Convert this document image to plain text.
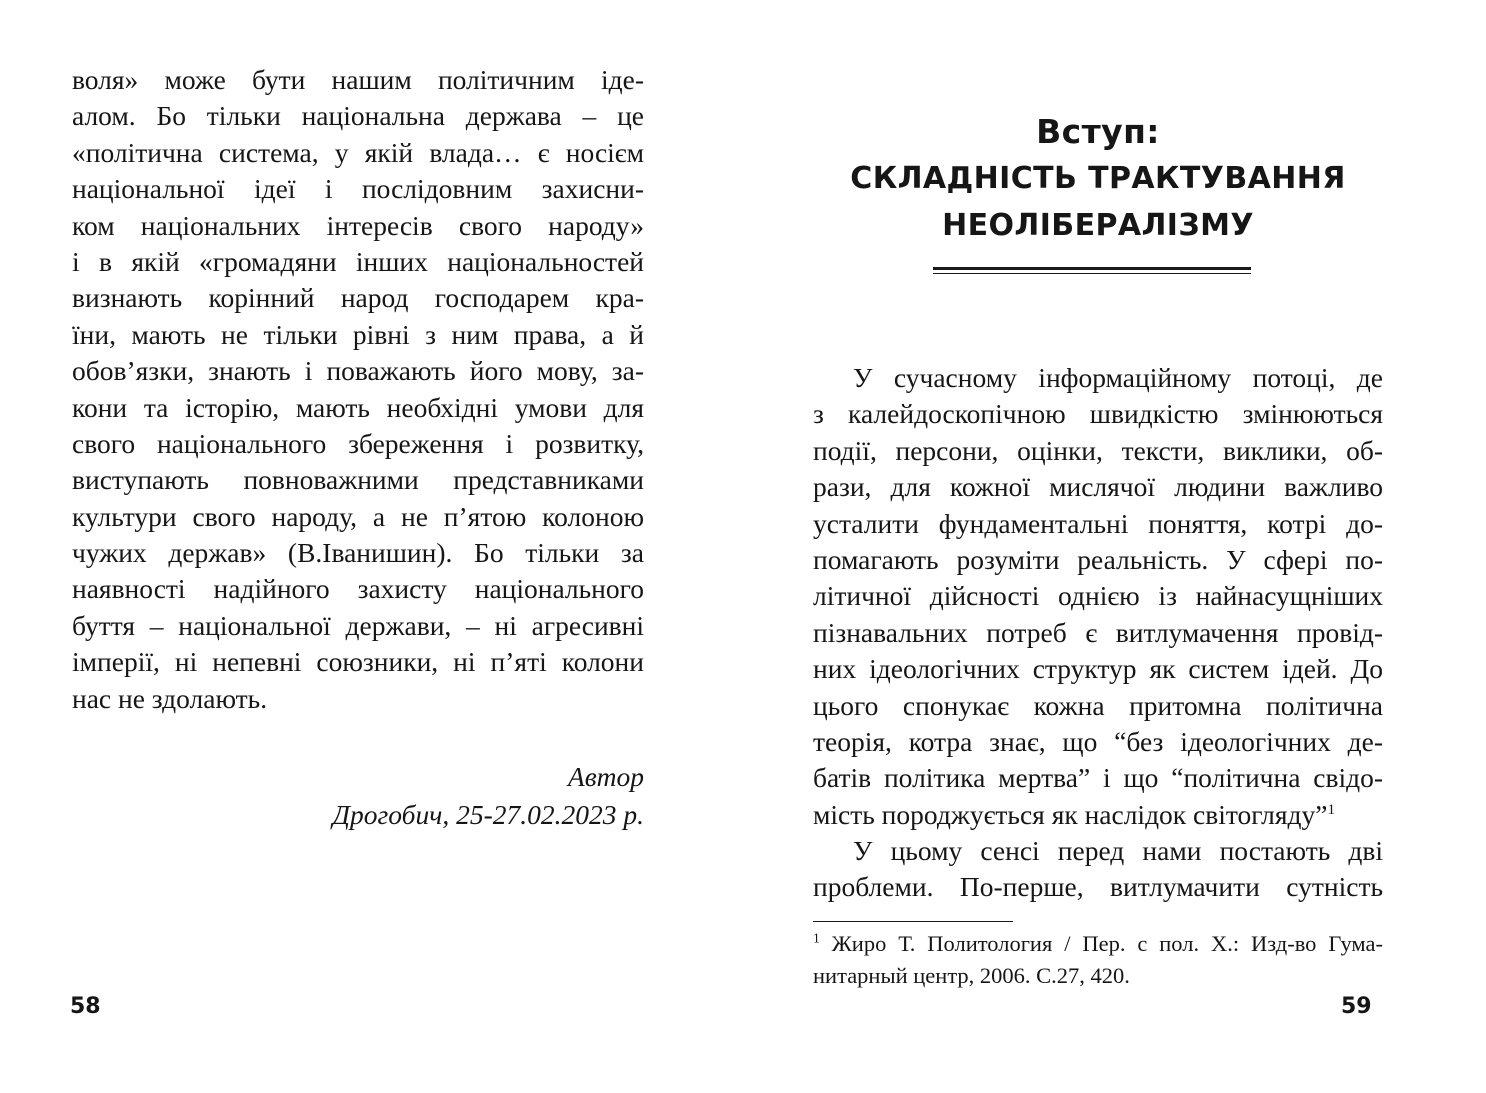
воля» може бути нашим політичним іде-
алом. Бо тільки національна держава – це
«політична система, у якій влада… є носієм
національної ідеї і послідовним захисни-
ком національних інтересів свого народу»
і в якій «громадяни інших національностей
визнають корінний народ господарем кра-
їни, мають не тільки рівні з ним права, а й
обов’язки, знають і поважають його мову, за-
кони та історію, мають необхідні умови для
свого національного збереження і розвитку,
виступають повноважними представниками
культури свого народу, а не п’ятою колоною
чужих держав» (В.Іванишин). Бо тільки за
наявності надійного захисту національного
буття – національної держави, – ні агресивні
імперії, ні непевні союзники, ні п’яті колони
нас не здолають.
Автор
Дрогобич, 25-27.02.2023 р.
58
Вступ:
СКЛАДНІСТЬ ТРАКТУВАННЯ
НЕОЛІБЕРАЛІЗМУ
У сучасному інформаційному потоці, де
з калейдоскопічною швидкістю змінюються
події, персони, оцінки, тексти, виклики, об-
рази, для кожної мислячої людини важливо
усталити фундаментальні поняття, котрі до-
помагають розуміти реальність. У сфері по-
літичної дійсності однією із найнасущніших
пізнавальних потреб є витлумачення провід-
них ідеологічних структур як систем ідей. До
цього спонукає кожна притомна політична
теорія, котра знає, що “без ідеологічних де-
батів політика мертва” і що “політична свідо-
мість породжується як наслідок світогляду”$^1$
У цьому сенсі перед нами постають дві
проблеми. По-перше, витлумачити сутність
$^1$ Жиро Т. Политология / Пер. с пол. Х.: Изд-во Гума-
нитарный центр, 2006. С.27, 420.
59
